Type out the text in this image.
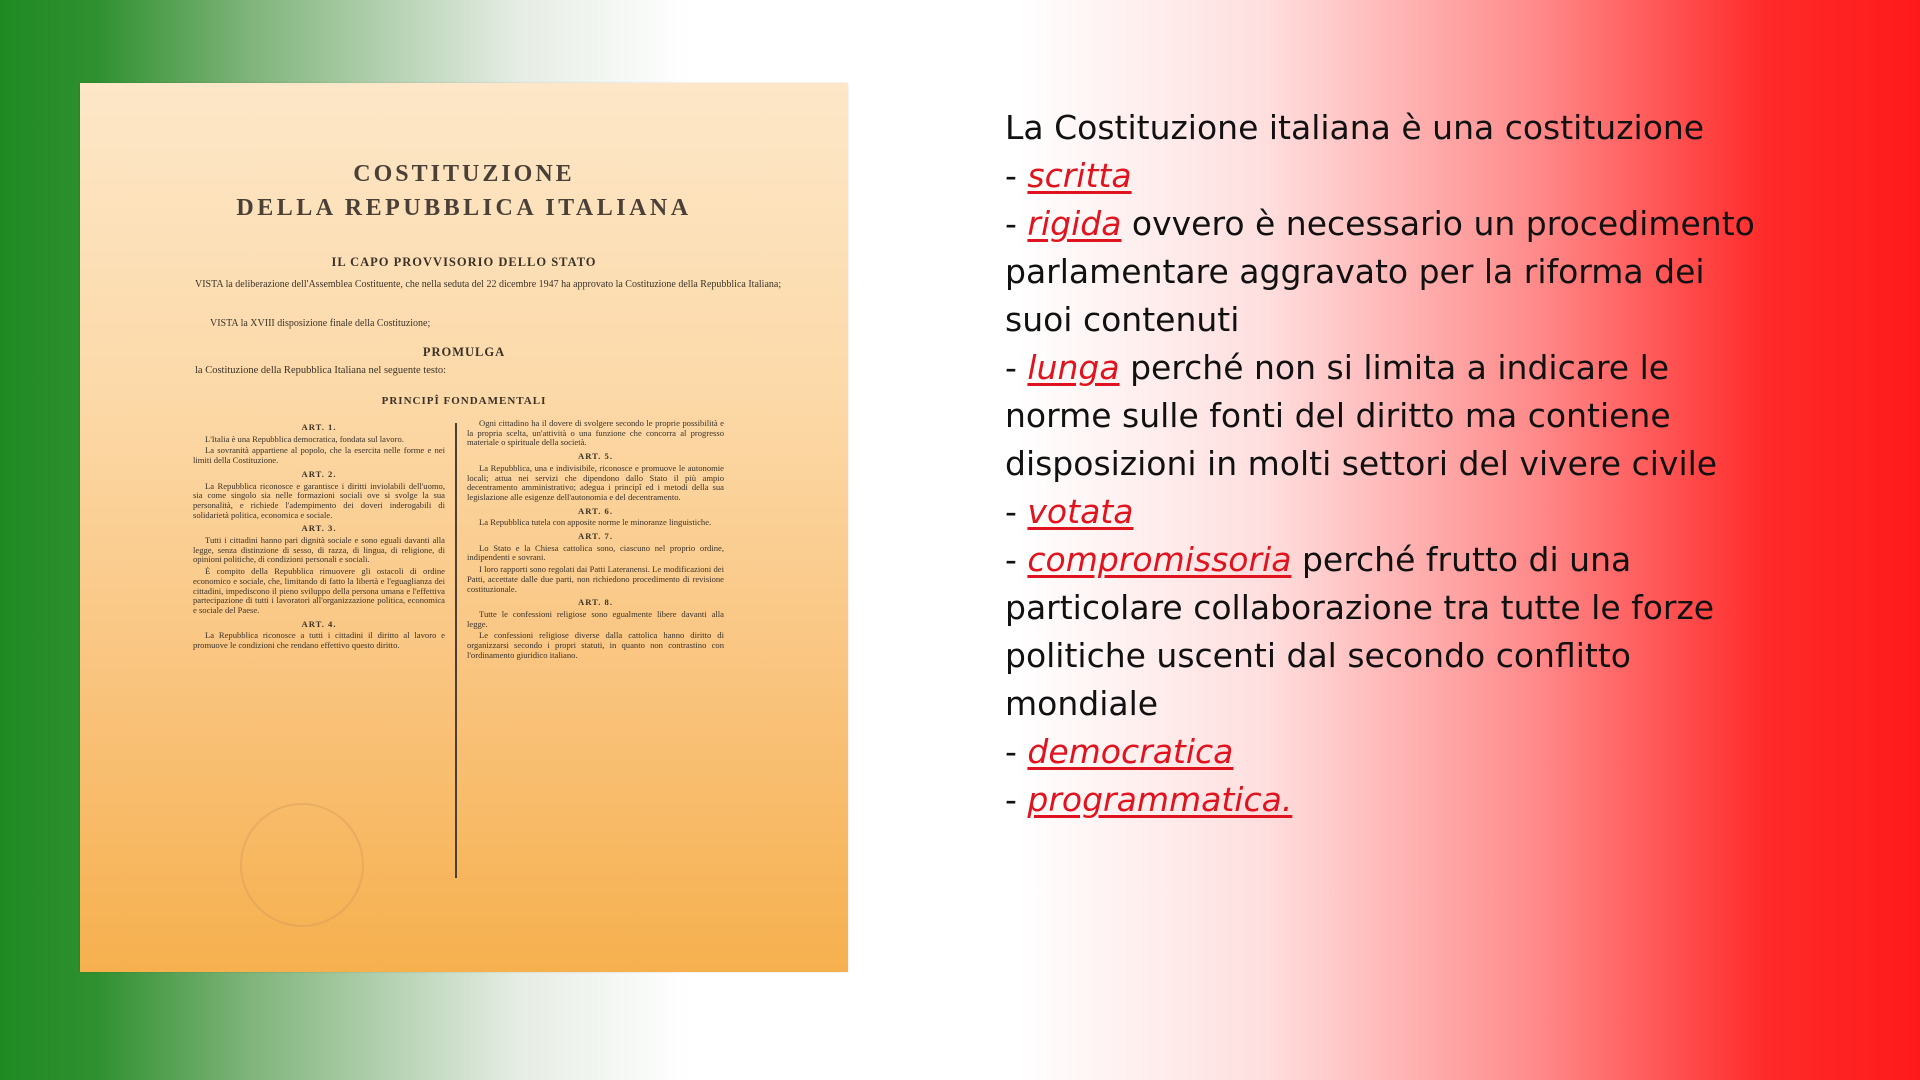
COSTITUZIONE
DELLA REPUBBLICA ITALIANA
IL CAPO PROVVISORIO DELLO STATO
VISTA la deliberazione dell'Assemblea Costituente, che nella seduta del 22 dicembre 1947 ha approvato la Costituzione della Repubblica Italiana;
VISTA la XVIII disposizione finale della Costituzione;
PROMULGA
la Costituzione della Repubblica Italiana nel seguente testo:
PRINCIPÎ FONDAMENTALI
ART. 1.

L'Italia è una Repubblica democratica, fondata sul lavoro.

La sovranità appartiene al popolo, che la esercita nelle forme e nei limiti della Costituzione.

ART. 2.

La Repubblica riconosce e garantisce i diritti inviolabili dell'uomo, sia come singolo sia nelle formazioni sociali ove si svolge la sua personalità, e richiede l'adempimento dei doveri inderogabili di solidarietà politica, economica e sociale.

ART. 3.

Tutti i cittadini hanno pari dignità sociale e sono eguali davanti alla legge, senza distinzione di sesso, di razza, di lingua, di religione, di opinioni politiche, di condizioni personali e sociali.

È compito della Repubblica rimuovere gli ostacoli di ordine economico e sociale, che, limitando di fatto la libertà e l'eguaglianza dei cittadini, impediscono il pieno sviluppo della persona umana e l'effettiva partecipazione di tutti i lavoratori all'organizzazione politica, economica e sociale del Paese.

ART. 4.

La Repubblica riconosce a tutti i cittadini il diritto al lavoro e promuove le condizioni che rendano effettivo questo diritto.

Ogni cittadino ha il dovere di svolgere secondo le proprie possibilità e la propria scelta, un'attività o una funzione che concorra al progresso materiale o spirituale della società.

ART. 5.

La Repubblica, una e indivisibile, riconosce e promuove le autonomie locali; attua nei servizi che dipendono dallo Stato il più ampio decentramento amministrativo; adegua i principî ed i metodi della sua legislazione alle esigenze dell'autonomia e del decentramento.

ART. 6.

La Repubblica tutela con apposite norme le minoranze linguistiche.

ART. 7.

Lo Stato e la Chiesa cattolica sono, ciascuno nel proprio ordine, indipendenti e sovrani.

I loro rapporti sono regolati dai Patti Lateranensi. Le modificazioni dei Patti, accettate dalle due parti, non richiedono procedimento di revisione costituzionale.

ART. 8.

Tutte le confessioni religiose sono egualmente libere davanti alla legge.

Le confessioni religiose diverse dalla cattolica hanno diritto di organizzarsi secondo i propri statuti, in quanto non contrastino con l'ordinamento giuridico italiano.

La Costituzione italiana è una costituzione
- scritta
- rigida ovvero è necessario un procedimento
parlamentare aggravato per la riforma dei
suoi contenuti
- lunga perché non si limita a indicare le
norme sulle fonti del diritto ma contiene
disposizioni in molti settori del vivere civile
- votata
- compromissoria perché frutto di una
particolare collaborazione tra tutte le forze
politiche uscenti dal secondo conflitto
mondiale
- democratica
- programmatica.
